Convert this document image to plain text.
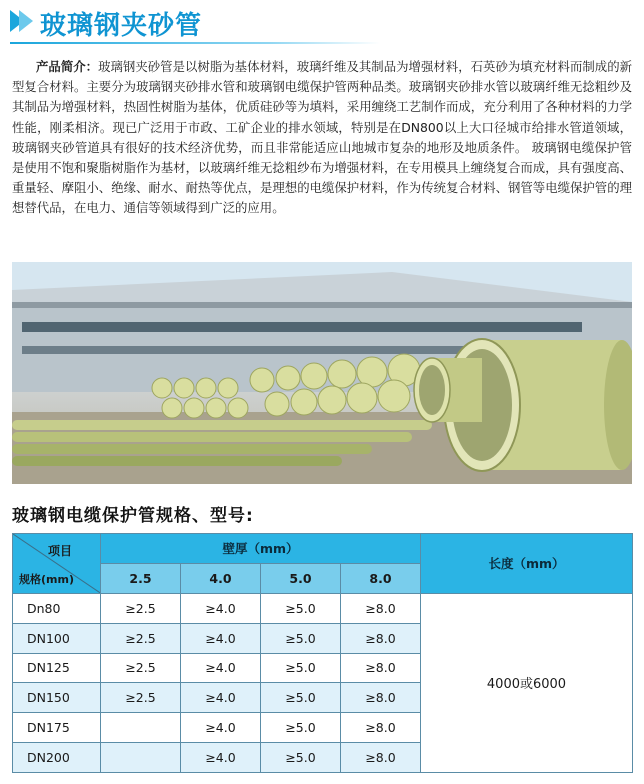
玻璃钢夹砂管
产品简介：玻璃钢夹砂管是以树脂为基体材料，玻璃纤维及其制品为增强材料，石英砂为填充材料而制成的新型复合材料。主要分为玻璃钢夹砂排水管和玻璃钢电缆保护管两种品类。玻璃钢夹砂排水管以玻璃纤维无捻粗纱及其制品为增强材料，热固性树脂为基体，优质硅砂等为填料，采用缠绕工艺制作而成，充分利用了各种材料的力学性能，刚柔相济。现已广泛用于市政、工矿企业的排水领域，特别是在DN800以上大口径城市给排水管道领域，玻璃钢夹砂管道具有很好的技术经济优势，而且非常能适应山地城市复杂的地形及地质条件。 玻璃钢电缆保护管是使用不饱和聚脂树脂作为基材，以玻璃纤维无捻粗纱布为增强材料，在专用模具上缠绕复合而成，具有强度高、重量轻、摩阻小、绝缘、耐水、耐热等优点，是理想的电缆保护材料，作为传统复合材料、钢管等电缆保护管的理想替代品，在电力、通信等领域得到广泛的应用。
玻璃钢电缆保护管规格、型号:
项目
规格(mm)	壁厚（mm）				长度（mm）
	2.5	4.0	5.0	8.0	
Dn80	≥2.5	≥4.0	≥5.0	≥8.0	4000或6000
DN100	≥2.5	≥4.0	≥5.0	≥8.0	
DN125	≥2.5	≥4.0	≥5.0	≥8.0	
DN150	≥2.5	≥4.0	≥5.0	≥8.0	
DN175		≥4.0	≥5.0	≥8.0	
DN200		≥4.0	≥5.0	≥8.0	
